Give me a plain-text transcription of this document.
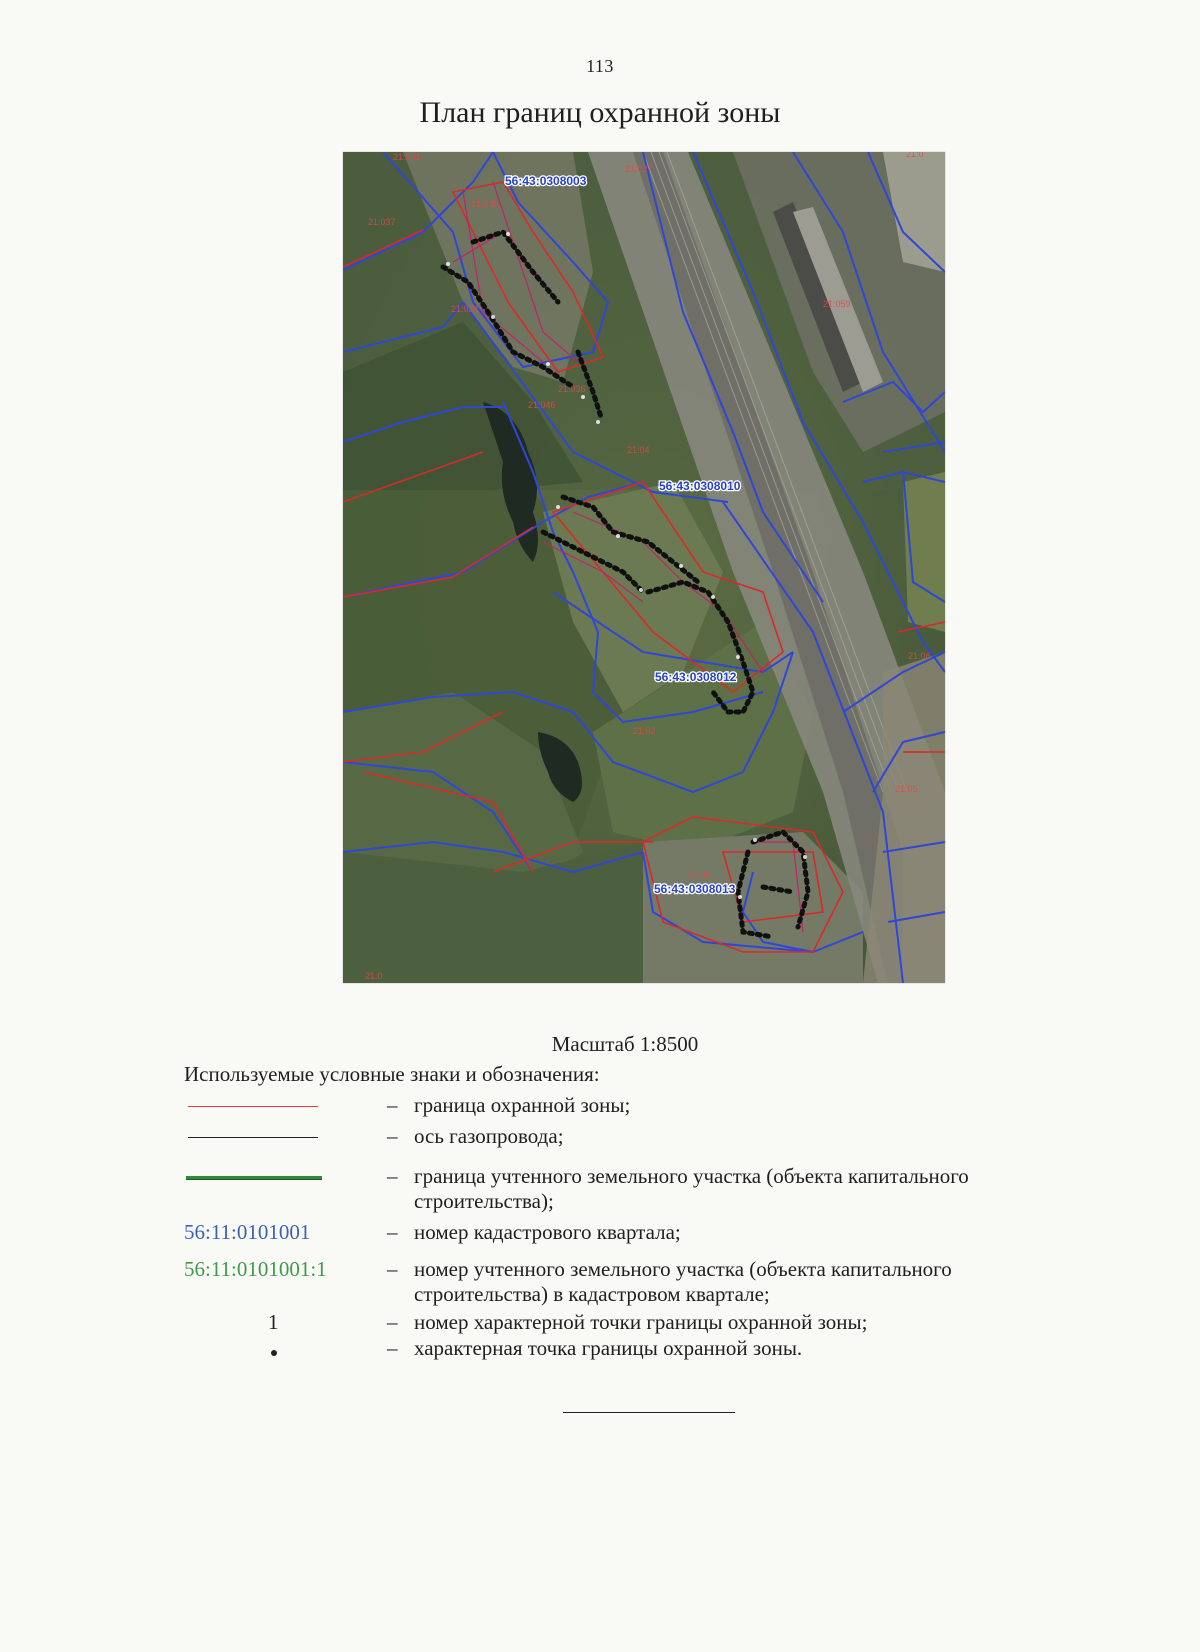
113
План границ охранной зоны
21:001
21:027
21:037
21:035
21:024
21:036
21:046
21:059
21:04
21:02
21:06
21:05
21:08
21:0
21:0
56:43:0308003
56:43:0308010
56:43:0308012
56:43:0308013
Масштаб 1:8500
Используемые условные знаки и обозначения:
– граница охранной зоны;
– ось газопровода;
– граница учтенного земельного участка (объекта капитального строительства);
56:11:0101001	– номер кадастрового квартала;
56:11:0101001:1	– номер учтенного земельного участка (объекта капитального строительства) в кадастровом квартале;
1	– номер характерной точки границы охранной зоны;
– характерная точка границы охранной зоны.
